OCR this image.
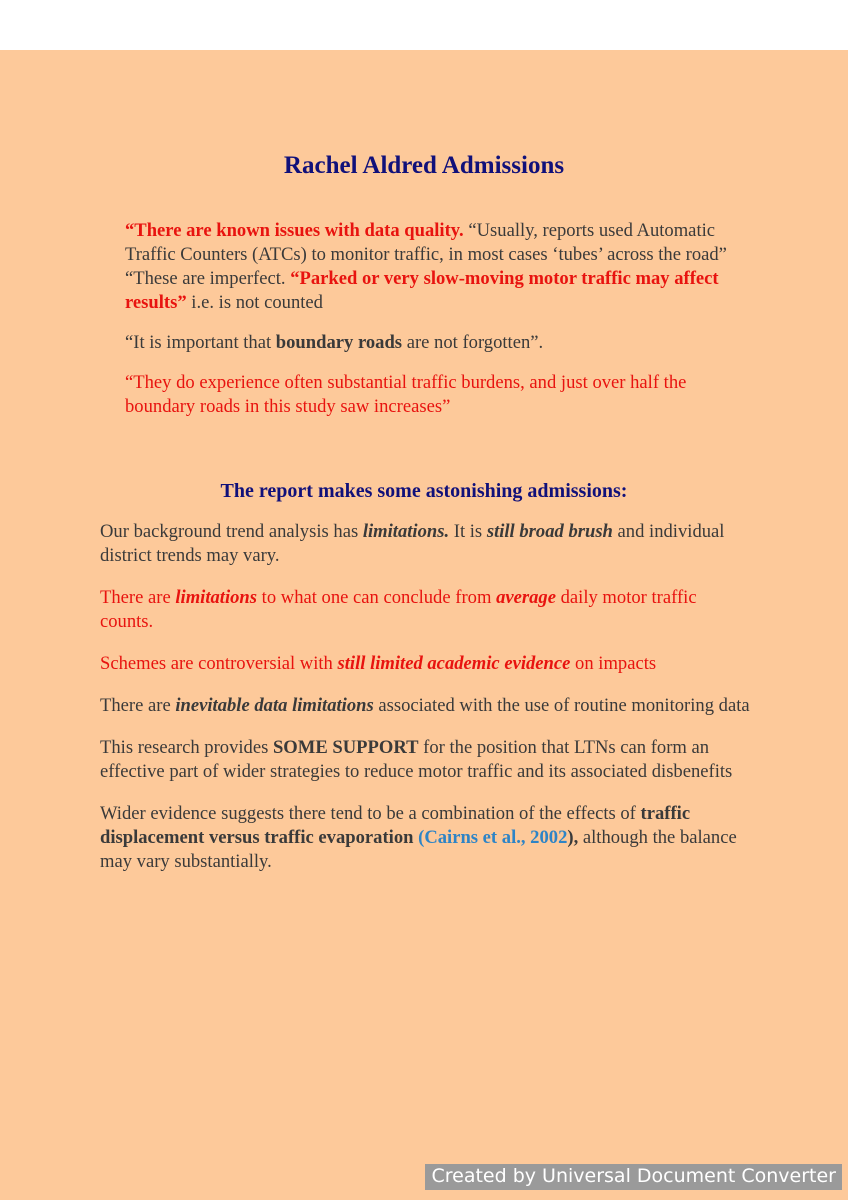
Rachel Aldred Admissions

“There are known issues with data quality. “Usually, reports used Automatic Traffic Counters (ATCs) to monitor traffic, in most cases ‘tubes’ across the road” “These are imperfect. “Parked or very slow-moving motor traffic may affect results” i.e. is not counted

“It is important that boundary roads are not forgotten”.

“They do experience often substantial traffic burdens, and just over half the boundary roads in this study saw increases”

The report makes some astonishing admissions:

Our background trend analysis has limitations. It is still broad brush and individual district trends may vary.

There are limitations to what one can conclude from average daily motor traffic counts.

Schemes are controversial with still limited academic evidence on impacts

There are inevitable data limitations associated with the use of routine monitoring data

This research provides SOME SUPPORT for the position that LTNs can form an effective part of wider strategies to reduce motor traffic and its associated disbenefits

Wider evidence suggests there tend to be a combination of the effects of traffic displacement versus traffic evaporation (Cairns et al., 2002), although the balance may vary substantially.

Created by Universal Document Converter
